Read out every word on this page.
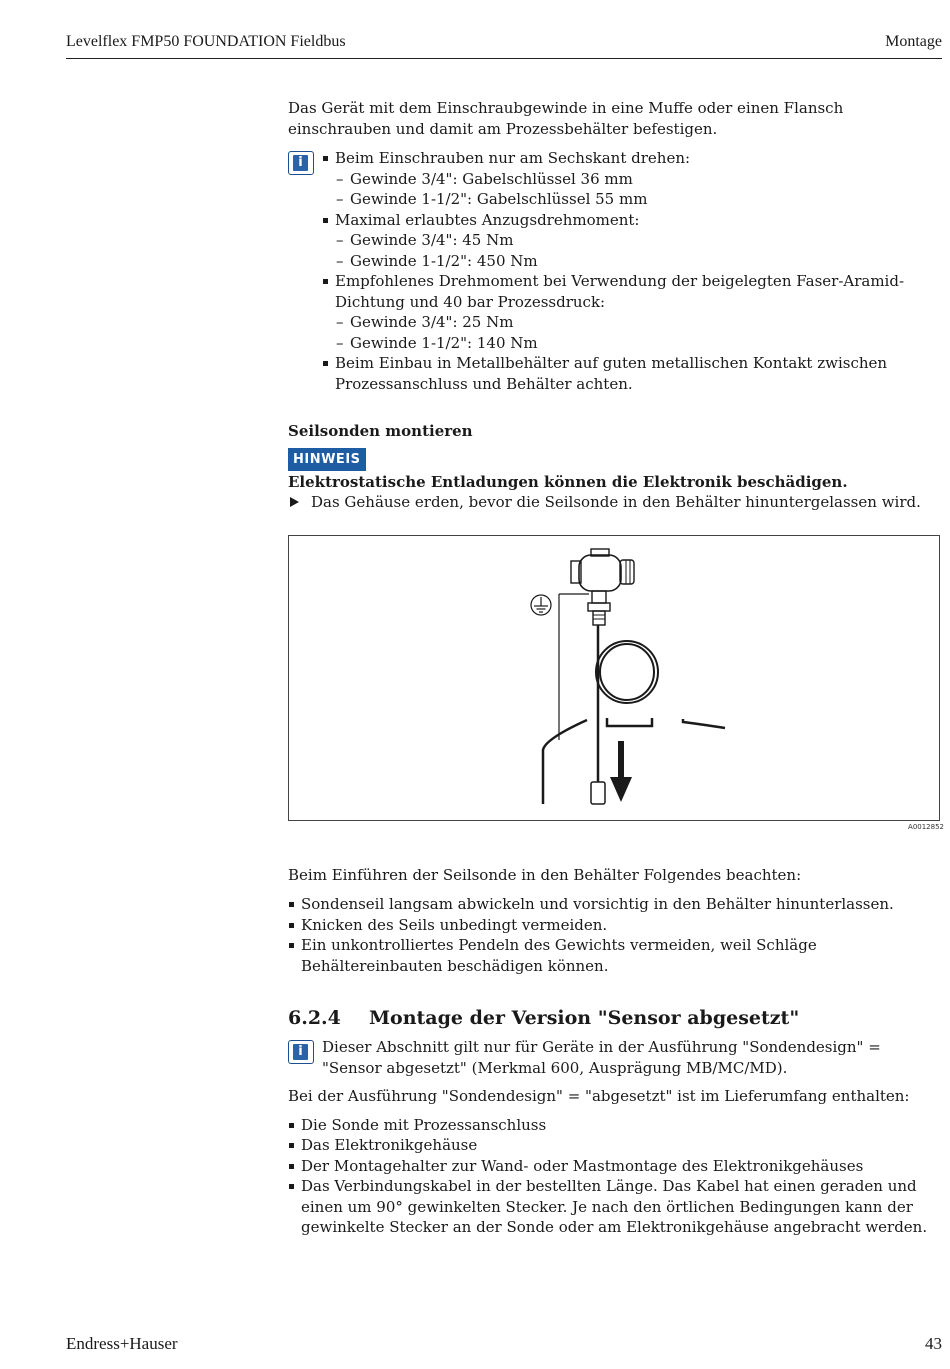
Levelflex FMP50 FOUNDATION Fieldbus	Montage

Das Gerät mit dem Einschraubgewinde in eine Muffe oder einen Flansch einschrauben und damit am Prozessbehälter befestigen.

i	Beim Einschrauben nur am Sechskant drehen:
– Gewinde 3/4": Gabelschlüssel 36 mm
– Gewinde 1-1/2": Gabelschlüssel 55 mm
Maximal erlaubtes Anzugsdrehmoment:
– Gewinde 3/4": 45 Nm
– Gewinde 1-1/2": 450 Nm
Empfohlenes Drehmoment bei Verwendung der beigelegten Faser-Aramid-Dichtung und 40 bar Prozessdruck:
– Gewinde 3/4": 25 Nm
– Gewinde 1-1/2": 140 Nm
Beim Einbau in Metallbehälter auf guten metallischen Kontakt zwischen Prozessanschluss und Behälter achten.
Seilsonden montieren
HINWEIS

Elektrostatische Entladungen können die Elektronik beschädigen.

Das Gehäuse erden, bevor die Seilsonde in den Behälter hinuntergelassen wird.
A0012852

Beim Einführen der Seilsonde in den Behälter Folgendes beachten:

Sondenseil langsam abwickeln und vorsichtig in den Behälter hinunterlassen.
Knicken des Seils unbedingt vermeiden.
Ein unkontrolliertes Pendeln des Gewichts vermeiden, weil Schläge Behältereinbauten beschädigen können.
6.2.4 Montage der Version "Sensor abgesetzt"
i	Dieser Abschnitt gilt nur für Geräte in der Ausführung "Sondendesign" = "Sensor abgesetzt" (Merkmal 600, Ausprägung MB/MC/MD).

Bei der Ausführung "Sondendesign" = "abgesetzt" ist im Lieferumfang enthalten:

Die Sonde mit Prozessanschluss
Das Elektronikgehäuse
Der Montagehalter zur Wand- oder Mastmontage des Elektronikgehäuses
Das Verbindungskabel in der bestellten Länge. Das Kabel hat einen geraden und einen um 90° gewinkelten Stecker. Je nach den örtlichen Bedingungen kann der gewinkelte Stecker an der Sonde oder am Elektronikgehäuse angebracht werden.
Endress+Hauser	43
